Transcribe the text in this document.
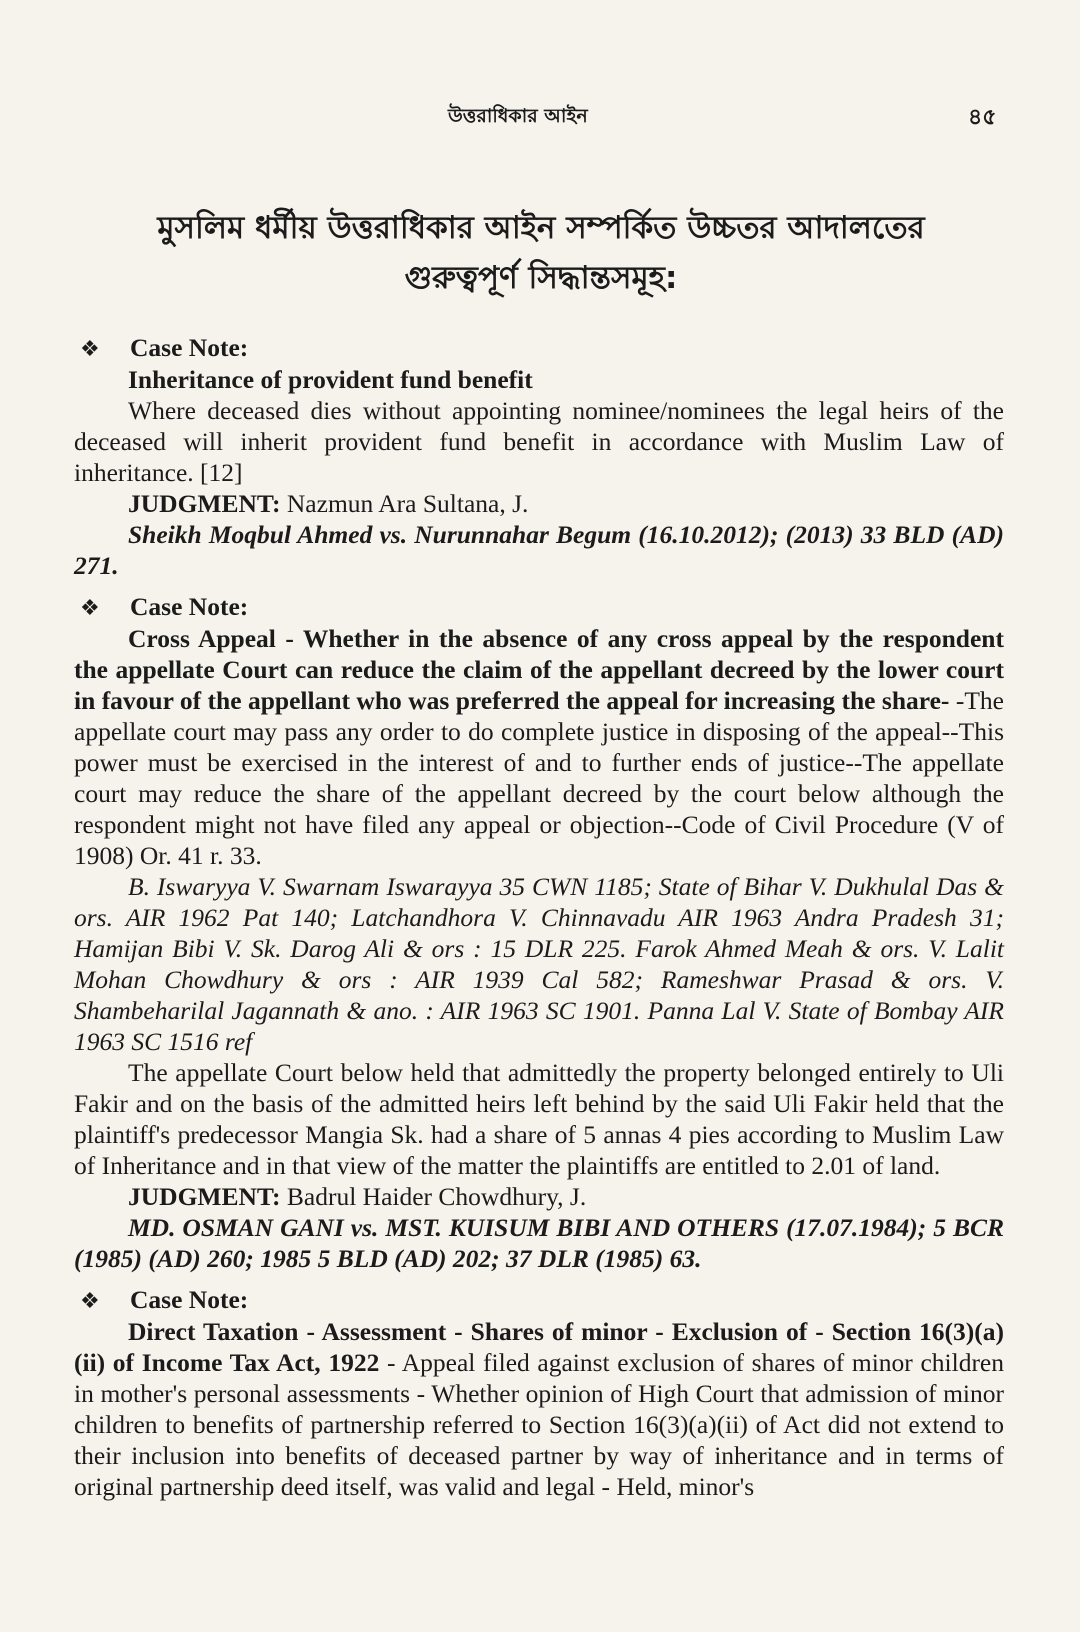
উত্তরাধিকার আইন	৪৫
মুসলিম ধর্মীয় উত্তরাধিকার আইন সম্পর্কিত উচ্চতর আদালতের
গুরুত্বপূর্ণ সিদ্ধান্তসমূহ:
❖	Case Note:
Inheritance of provident fund benefit
Where deceased dies without appointing nominee/nominees the legal heirs of the deceased will inherit provident fund benefit in accordance with Muslim Law of inheritance. [12]
JUDGMENT: Nazmun Ara Sultana, J.
Sheikh Moqbul Ahmed vs. Nurunnahar Begum (16.10.2012); (2013) 33 BLD (AD) 271.
❖	Case Note:
Cross Appeal - Whether in the absence of any cross appeal by the respondent the appellate Court can reduce the claim of the appellant decreed by the lower court in favour of the appellant who was preferred the appeal for increasing the share- -The appellate court may pass any order to do complete justice in disposing of the appeal--This power must be exercised in the interest of and to further ends of justice--The appellate court may reduce the share of the appellant decreed by the court below although the respondent might not have filed any appeal or objection--Code of Civil Procedure (V of 1908) Or. 41 r. 33.
B. Iswaryya V. Swarnam Iswarayya 35 CWN 1185; State of Bihar V. Dukhulal Das & ors. AIR 1962 Pat 140; Latchandhora V. Chinnavadu AIR 1963 Andra Pradesh 31; Hamijan Bibi V. Sk. Darog Ali & ors : 15 DLR 225. Farok Ahmed Meah & ors. V. Lalit Mohan Chowdhury & ors : AIR 1939 Cal 582; Rameshwar Prasad & ors. V. Shambeharilal Jagannath & ano. : AIR 1963 SC 1901. Panna Lal V. State of Bombay AIR 1963 SC 1516 ref
The appellate Court below held that admittedly the property belonged entirely to Uli Fakir and on the basis of the admitted heirs left behind by the said Uli Fakir held that the plaintiff's predecessor Mangia Sk. had a share of 5 annas 4 pies according to Muslim Law of Inheritance and in that view of the matter the plaintiffs are entitled to 2.01 of land.
JUDGMENT: Badrul Haider Chowdhury, J.
MD. OSMAN GANI vs. MST. KUISUM BIBI AND OTHERS (17.07.1984); 5 BCR (1985) (AD) 260; 1985 5 BLD (AD) 202; 37 DLR (1985) 63.
❖	Case Note:
Direct Taxation - Assessment - Shares of minor - Exclusion of - Section 16(3)(a)(ii) of Income Tax Act, 1922 - Appeal filed against exclusion of shares of minor children in mother's personal assessments - Whether opinion of High Court that admission of minor children to benefits of partnership referred to Section 16(3)(a)(ii) of Act did not extend to their inclusion into benefits of deceased partner by way of inheritance and in terms of original partnership deed itself, was valid and legal - Held, minor's
